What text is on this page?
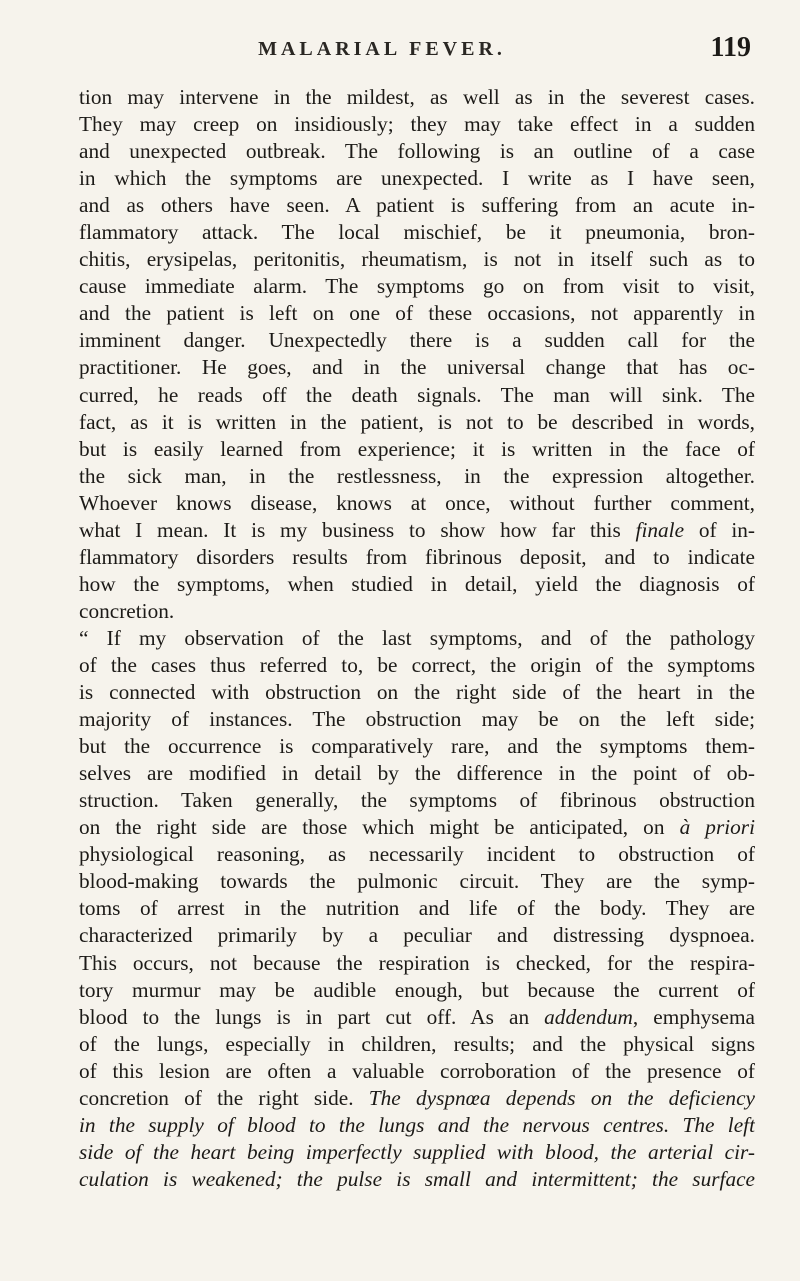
MALARIAL FEVER.	119
tion may intervene in the mildest, as well as in the severest cases.
They may creep on insidiously; they may take effect in a sudden
and unexpected outbreak. The following is an outline of a case
in which the symptoms are unexpected. I write as I have seen,
and as others have seen. A patient is suffering from an acute in-
flammatory attack. The local mischief, be it pneumonia, bron-
chitis, erysipelas, peritonitis, rheumatism, is not in itself such as to
cause immediate alarm. The symptoms go on from visit to visit,
and the patient is left on one of these occasions, not apparently in
imminent danger. Unexpectedly there is a sudden call for the
practitioner. He goes, and in the universal change that has oc-
curred, he reads off the death signals. The man will sink. The
fact, as it is written in the patient, is not to be described in words,
but is easily learned from experience; it is written in the face of
the sick man, in the restlessness, in the expression altogether.
Whoever knows disease, knows at once, without further comment,
what I mean. It is my business to show how far this finale of in-
flammatory disorders results from fibrinous deposit, and to indicate
how the symptoms, when studied in detail, yield the diagnosis of
concretion.
“ If my observation of the last symptoms, and of the pathology
of the cases thus referred to, be correct, the origin of the symptoms
is connected with obstruction on the right side of the heart in the
majority of instances. The obstruction may be on the left side;
but the occurrence is comparatively rare, and the symptoms them-
selves are modified in detail by the difference in the point of ob-
struction. Taken generally, the symptoms of fibrinous obstruction
on the right side are those which might be anticipated, on à priori
physiological reasoning, as necessarily incident to obstruction of
blood-making towards the pulmonic circuit. They are the symp-
toms of arrest in the nutrition and life of the body. They are
characterized primarily by a peculiar and distressing dyspnoea.
This occurs, not because the respiration is checked, for the respira-
tory murmur may be audible enough, but because the current of
blood to the lungs is in part cut off. As an addendum, emphysema
of the lungs, especially in children, results; and the physical signs
of this lesion are often a valuable corroboration of the presence of
concretion of the right side. The dyspnœa depends on the deficiency
in the supply of blood to the lungs and the nervous centres. The left
side of the heart being imperfectly supplied with blood, the arterial cir-
culation is weakened; the pulse is small and intermittent; the surface
